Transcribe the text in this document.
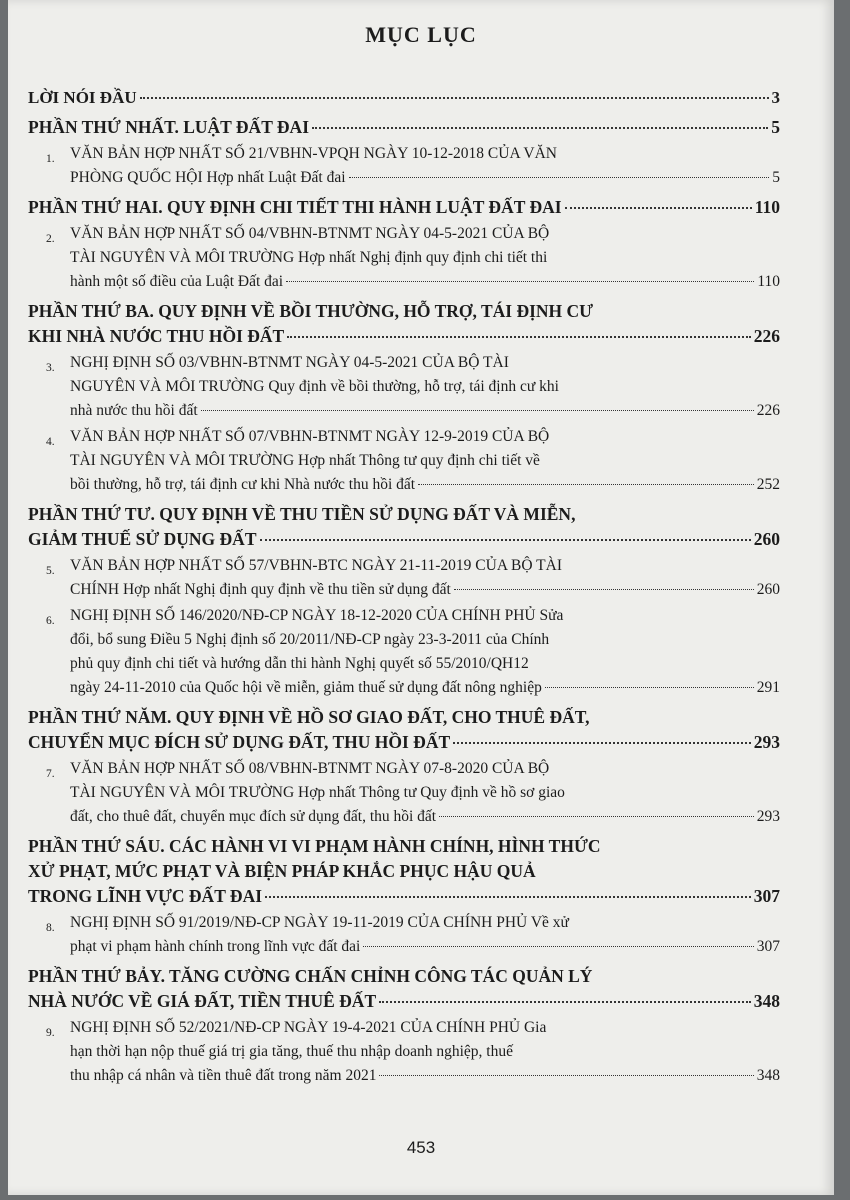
MỤC LỤC
LỜI NÓI ĐẦU	3
PHẦN THỨ NHẤT. LUẬT ĐẤT ĐAI	5
1. VĂN BẢN HỢP NHẤT SỐ 21/VBHN-VPQH NGÀY 10-12-2018 CỦA VĂN
PHÒNG QUỐC HỘI Hợp nhất Luật Đất đai	5
PHẦN THỨ HAI. QUY ĐỊNH CHI TIẾT THI HÀNH LUẬT ĐẤT ĐAI	110
2. VĂN BẢN HỢP NHẤT SỐ 04/VBHN-BTNMT NGÀY 04-5-2021 CỦA BỘ
TÀI NGUYÊN VÀ MÔI TRƯỜNG Hợp nhất Nghị định quy định chi tiết thi
hành một số điều của Luật Đất đai	110
PHẦN THỨ BA. QUY ĐỊNH VỀ BỒI THƯỜNG, HỖ TRỢ, TÁI ĐỊNH CƯ
KHI NHÀ NƯỚC THU HỒI ĐẤT	226
3. NGHỊ ĐỊNH SỐ 03/VBHN-BTNMT NGÀY 04-5-2021 CỦA BỘ TÀI
NGUYÊN VÀ MÔI TRƯỜNG Quy định về bồi thường, hỗ trợ, tái định cư khi
nhà nước thu hồi đất	226
4. VĂN BẢN HỢP NHẤT SỐ 07/VBHN-BTNMT NGÀY 12-9-2019 CỦA BỘ
TÀI NGUYÊN VÀ MÔI TRƯỜNG Hợp nhất Thông tư quy định chi tiết về
bồi thường, hỗ trợ, tái định cư khi Nhà nước thu hồi đất	252
PHẦN THỨ TƯ. QUY ĐỊNH VỀ THU TIỀN SỬ DỤNG ĐẤT VÀ MIỄN,
GIẢM THUẾ SỬ DỤNG ĐẤT	260
5. VĂN BẢN HỢP NHẤT SỐ 57/VBHN-BTC NGÀY 21-11-2019 CỦA BỘ TÀI
CHÍNH Hợp nhất Nghị định quy định về thu tiền sử dụng đất	260
6. NGHỊ ĐỊNH SỐ 146/2020/NĐ-CP NGÀY 18-12-2020 CỦA CHÍNH PHỦ Sửa
đổi, bổ sung Điều 5 Nghị định số 20/2011/NĐ-CP ngày 23-3-2011 của Chính
phủ quy định chi tiết và hướng dẫn thi hành Nghị quyết số 55/2010/QH12
ngày 24-11-2010 của Quốc hội về miễn, giảm thuế sử dụng đất nông nghiệp	291
PHẦN THỨ NĂM. QUY ĐỊNH VỀ HỒ SƠ GIAO ĐẤT, CHO THUÊ ĐẤT,
CHUYỂN MỤC ĐÍCH SỬ DỤNG ĐẤT, THU HỒI ĐẤT	293
7. VĂN BẢN HỢP NHẤT SỐ 08/VBHN-BTNMT NGÀY 07-8-2020 CỦA BỘ
TÀI NGUYÊN VÀ MÔI TRƯỜNG Hợp nhất Thông tư Quy định về hồ sơ giao
đất, cho thuê đất, chuyển mục đích sử dụng đất, thu hồi đất	293
PHẦN THỨ SÁU. CÁC HÀNH VI VI PHẠM HÀNH CHÍNH, HÌNH THỨC
XỬ PHẠT, MỨC PHẠT VÀ BIỆN PHÁP KHẮC PHỤC HẬU QUẢ
TRONG LĨNH VỰC ĐẤT ĐAI	307
8. NGHỊ ĐỊNH SỐ 91/2019/NĐ-CP NGÀY 19-11-2019 CỦA CHÍNH PHỦ Về xử
phạt vi phạm hành chính trong lĩnh vực đất đai	307
PHẦN THỨ BẢY. TĂNG CƯỜNG CHẤN CHỈNH CÔNG TÁC QUẢN LÝ
NHÀ NƯỚC VỀ GIÁ ĐẤT, TIỀN THUÊ ĐẤT	348
9. NGHỊ ĐỊNH SỐ 52/2021/NĐ-CP NGÀY 19-4-2021 CỦA CHÍNH PHỦ Gia
hạn thời hạn nộp thuế giá trị gia tăng, thuế thu nhập doanh nghiệp, thuế
thu nhập cá nhân và tiền thuê đất trong năm 2021	348
453
